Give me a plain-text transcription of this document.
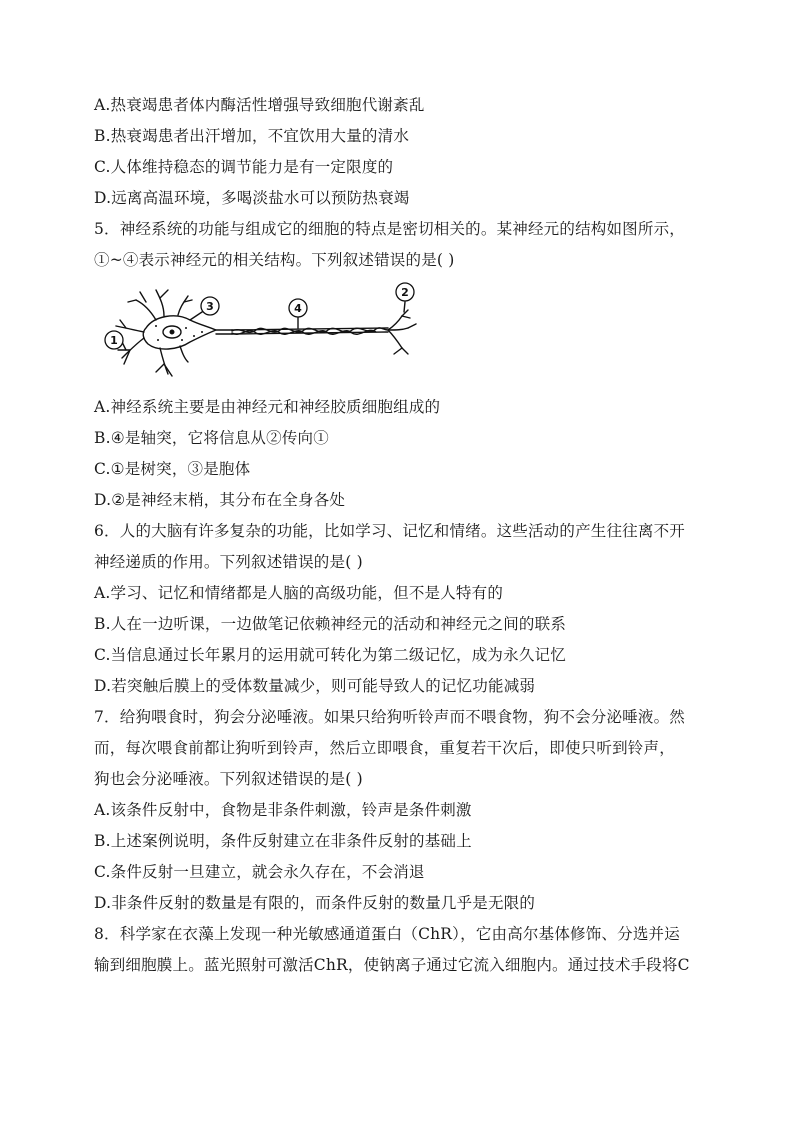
A.热衰竭患者体内酶活性增强导致细胞代谢紊乱
B.热衰竭患者出汗增加，不宜饮用大量的清水
C.人体维持稳态的调节能力是有一定限度的
D.远离高温环境，多喝淡盐水可以预防热衰竭
5．神经系统的功能与组成它的细胞的特点是密切相关的。某神经元的结构如图所示，
①~④表示神经元的相关结构。下列叙述错误的是( )
1
3	4
2
A.神经系统主要是由神经元和神经胶质细胞组成的
B.④是轴突，它将信息从②传向①
C.①是树突，③是胞体
D.②是神经末梢，其分布在全身各处
6．人的大脑有许多复杂的功能，比如学习、记忆和情绪。这些活动的产生往往离不开
神经递质的作用。下列叙述错误的是( )
A.学习、记忆和情绪都是人脑的高级功能，但不是人特有的
B.人在一边听课，一边做笔记依赖神经元的活动和神经元之间的联系
C.当信息通过长年累月的运用就可转化为第二级记忆，成为永久记忆
D.若突触后膜上的受体数量减少，则可能导致人的记忆功能减弱
7．给狗喂食时，狗会分泌唾液。如果只给狗听铃声而不喂食物，狗不会分泌唾液。然
而，每次喂食前都让狗听到铃声，然后立即喂食，重复若干次后，即使只听到铃声，
狗也会分泌唾液。下列叙述错误的是( )
A.该条件反射中，食物是非条件刺激，铃声是条件刺激
B.上述案例说明，条件反射建立在非条件反射的基础上
C.条件反射一旦建立，就会永久存在，不会消退
D.非条件反射的数量是有限的，而条件反射的数量几乎是无限的
8．科学家在衣藻上发现一种光敏感通道蛋白（ChR），它由高尔基体修饰、分选并运
输到细胞膜上。蓝光照射可激活ChR，使钠离子通过它流入细胞内。通过技术手段将C
